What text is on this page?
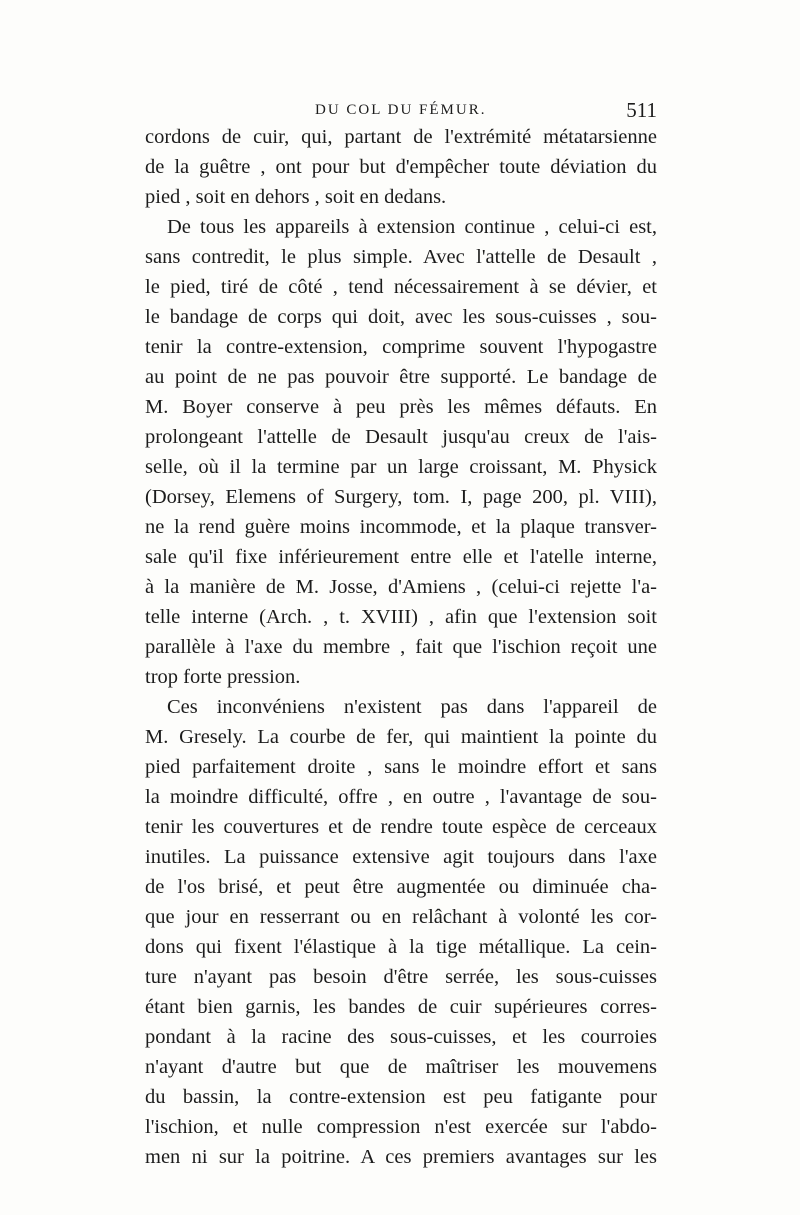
DU COL DU FÉMUR.	511
cordons de cuir, qui, partant de l'extrémité métatarsienne
de la guêtre , ont pour but d'empêcher toute déviation du
pied , soit en dehors , soit en dedans.
De tous les appareils à extension continue , celui-ci est,
sans contredit, le plus simple. Avec l'attelle de Desault ,
le pied, tiré de côté , tend nécessairement à se dévier, et
le bandage de corps qui doit, avec les sous-cuisses , sou-
tenir la contre-extension, comprime souvent l'hypogastre
au point de ne pas pouvoir être supporté. Le bandage de
M. Boyer conserve à peu près les mêmes défauts. En
prolongeant l'attelle de Desault jusqu'au creux de l'ais-
selle, où il la termine par un large croissant, M. Physick
(Dorsey, Elemens of Surgery, tom. I, page 200, pl. VIII),
ne la rend guère moins incommode, et la plaque transver-
sale qu'il fixe inférieurement entre elle et l'atelle interne,
à la manière de M. Josse, d'Amiens , (celui-ci rejette l'a-
telle interne (Arch. , t. XVIII) , afin que l'extension soit
parallèle à l'axe du membre , fait que l'ischion reçoit une
trop forte pression.
Ces inconvéniens n'existent pas dans l'appareil de
M. Gresely. La courbe de fer, qui maintient la pointe du
pied parfaitement droite , sans le moindre effort et sans
la moindre difficulté, offre , en outre , l'avantage de sou-
tenir les couvertures et de rendre toute espèce de cerceaux
inutiles. La puissance extensive agit toujours dans l'axe
de l'os brisé, et peut être augmentée ou diminuée cha-
que jour en resserrant ou en relâchant à volonté les cor-
dons qui fixent l'élastique à la tige métallique. La cein-
ture n'ayant pas besoin d'être serrée, les sous-cuisses
étant bien garnis, les bandes de cuir supérieures corres-
pondant à la racine des sous-cuisses, et les courroies
n'ayant d'autre but que de maîtriser les mouvemens
du bassin, la contre-extension est peu fatigante pour
l'ischion, et nulle compression n'est exercée sur l'abdo-
men ni sur la poitrine. A ces premiers avantages sur les
